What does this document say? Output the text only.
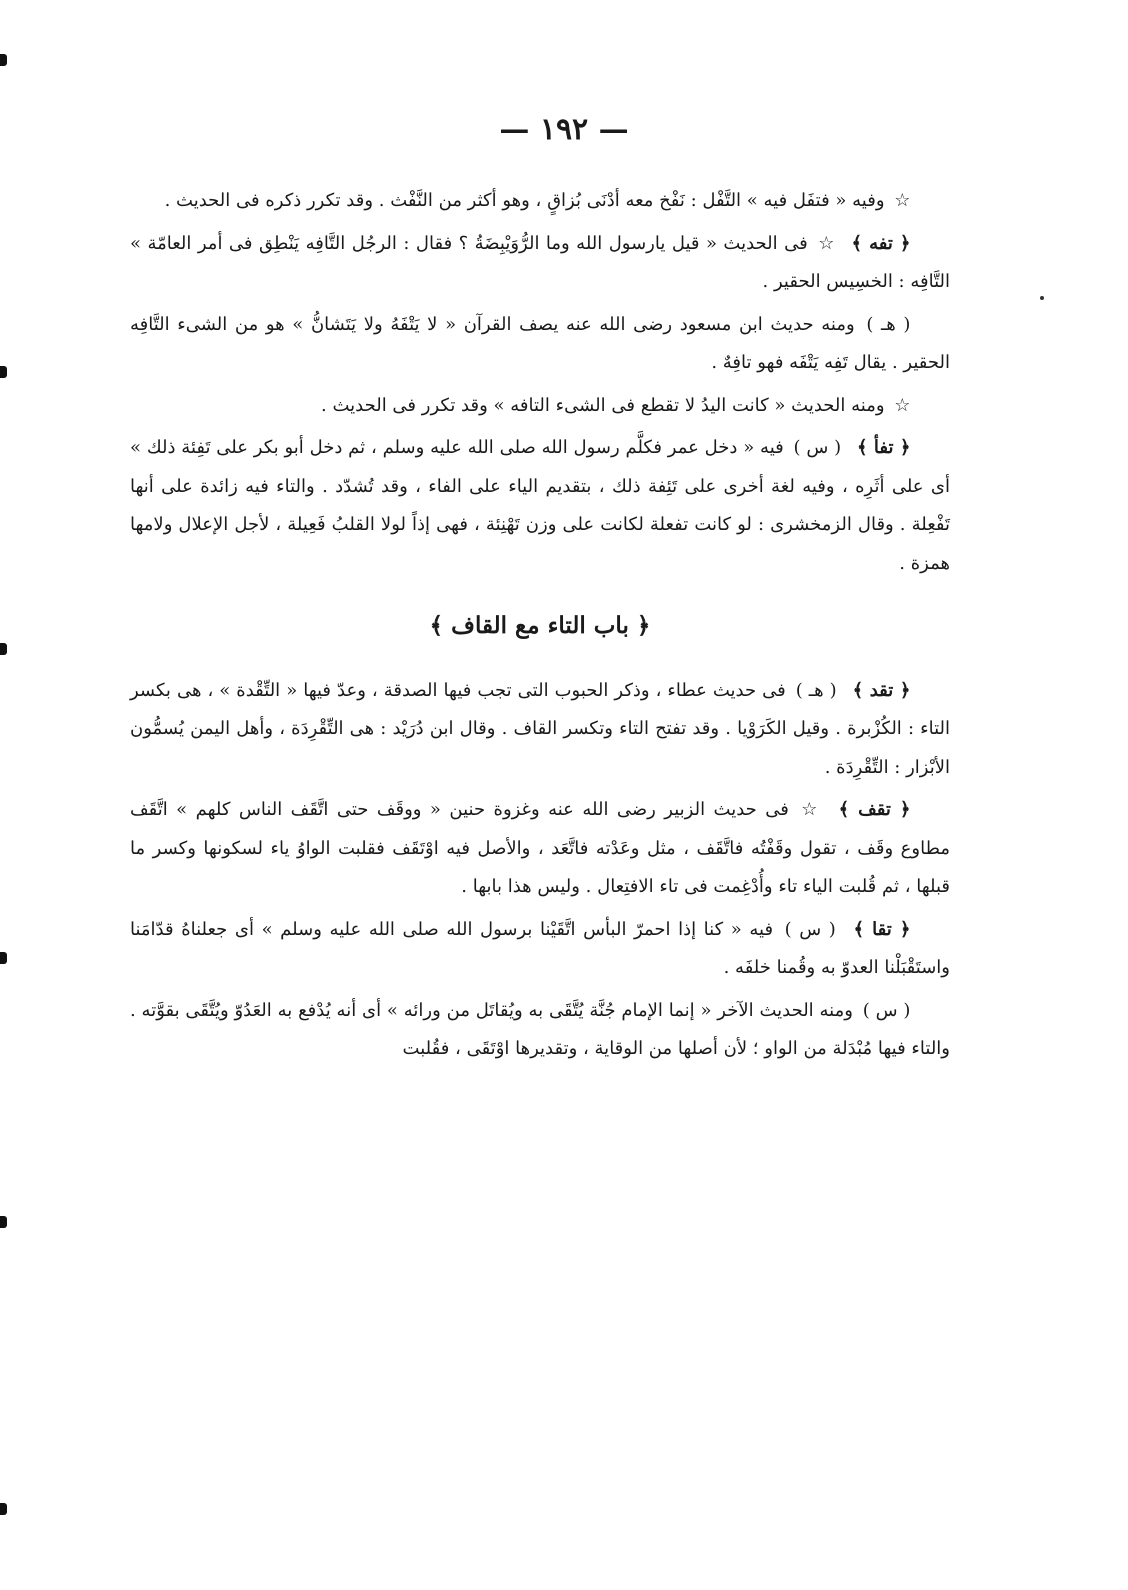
— ١٩٢ —

☆ وفيه « فتفَل فيه » التَّفْل : نَفْخ معه أدْنَى بُزاقٍ ، وهو أكثر من النَّفْث . وقد تكرر ذكره فى الحديث .

﴿ تفه ﴾ ☆ فى الحديث « قيل يارسول الله وما الرُّوَيْبِضَةُ ؟ فقال : الرجُل التَّافِه يَنْطِق فى أمر العامّة » التَّافِه : الخسِيس الحقير .

( هـ ) ومنه حديث ابن مسعود رضى الله عنه يصف القرآن « لا يَتْفَهُ ولا يَتَشانُّ » هو من الشىء التَّافِه الحقير . يقال تَفِه يَتْفَه فهو تافِهٌ .

☆ ومنه الحديث « كانت اليدُ لا تقطع فى الشىء التافه » وقد تكرر فى الحديث .

﴿ تفأ ﴾ ( س ) فيه « دخل عمر فكلَّم رسول الله صلى الله عليه وسلم ، ثم دخل أبو بكر على تَفِئة ذلك » أى على أثَرِه ، وفيه لغة أخرى على تَئِفة ذلك ، بتقديم الياء على الفاء ، وقد تُشدّد . والتاء فيه زائدة على أنها تَفْعِلة . وقال الزمخشرى : لو كانت تفعلة لكانت على وزن تَهْنِئة ، فهى إذاً لولا القلبُ فَعِيلة ، لأجل الإعلال ولامها همزة .

﴿ باب التاء مع القاف ﴾

﴿ تقد ﴾ ( هـ ) فى حديث عطاء ، وذكر الحبوب التى تجب فيها الصدقة ، وعدّ فيها « التِّقْدة » ، هى بكسر التاء : الكُزْبرة . وقيل الكَرَوْيا . وقد تفتح التاء وتكسر القاف . وقال ابن دُرَيْد : هى التِّقْرِدَة ، وأهل اليمن يُسمُّون الأبْزار : التِّقْرِدَة .

﴿ تقف ﴾ ☆ فى حديث الزبير رضى الله عنه وغزوة حنين « ووقَف حتى اتَّقَف الناس كلهم » اتَّقَف مطاوع وقَف ، تقول وقَفْتُه فاتَّقَف ، مثل وعَدْته فاتَّعَد ، والأصل فيه اوْتَقَف فقلبت الواوُ ياء لسكونها وكسر ما قبلها ، ثم قُلبت الياء تاء وأُدْغِمت فى تاء الافتِعال . وليس هذا بابها .

﴿ تقا ﴾ ( س ) فيه « كنا إذا احمرّ البأس اتَّقَيْنا برسول الله صلى الله عليه وسلم » أى جعلناهُ قدّامَنا واستَقْبَلْنا العدوّ به وقُمنا خلفَه .

( س ) ومنه الحديث الآخر « إنما الإمام جُنَّة يُتَّقَى به ويُقاتَل من ورائه » أى أنه يُدْفع به العَدُوّ ويُتَّقَى بقوَّته . والتاء فيها مُبْدَلة من الواو ؛ لأن أصلها من الوقاية ، وتقديرها اوْتَقَى ، فقُلبت
